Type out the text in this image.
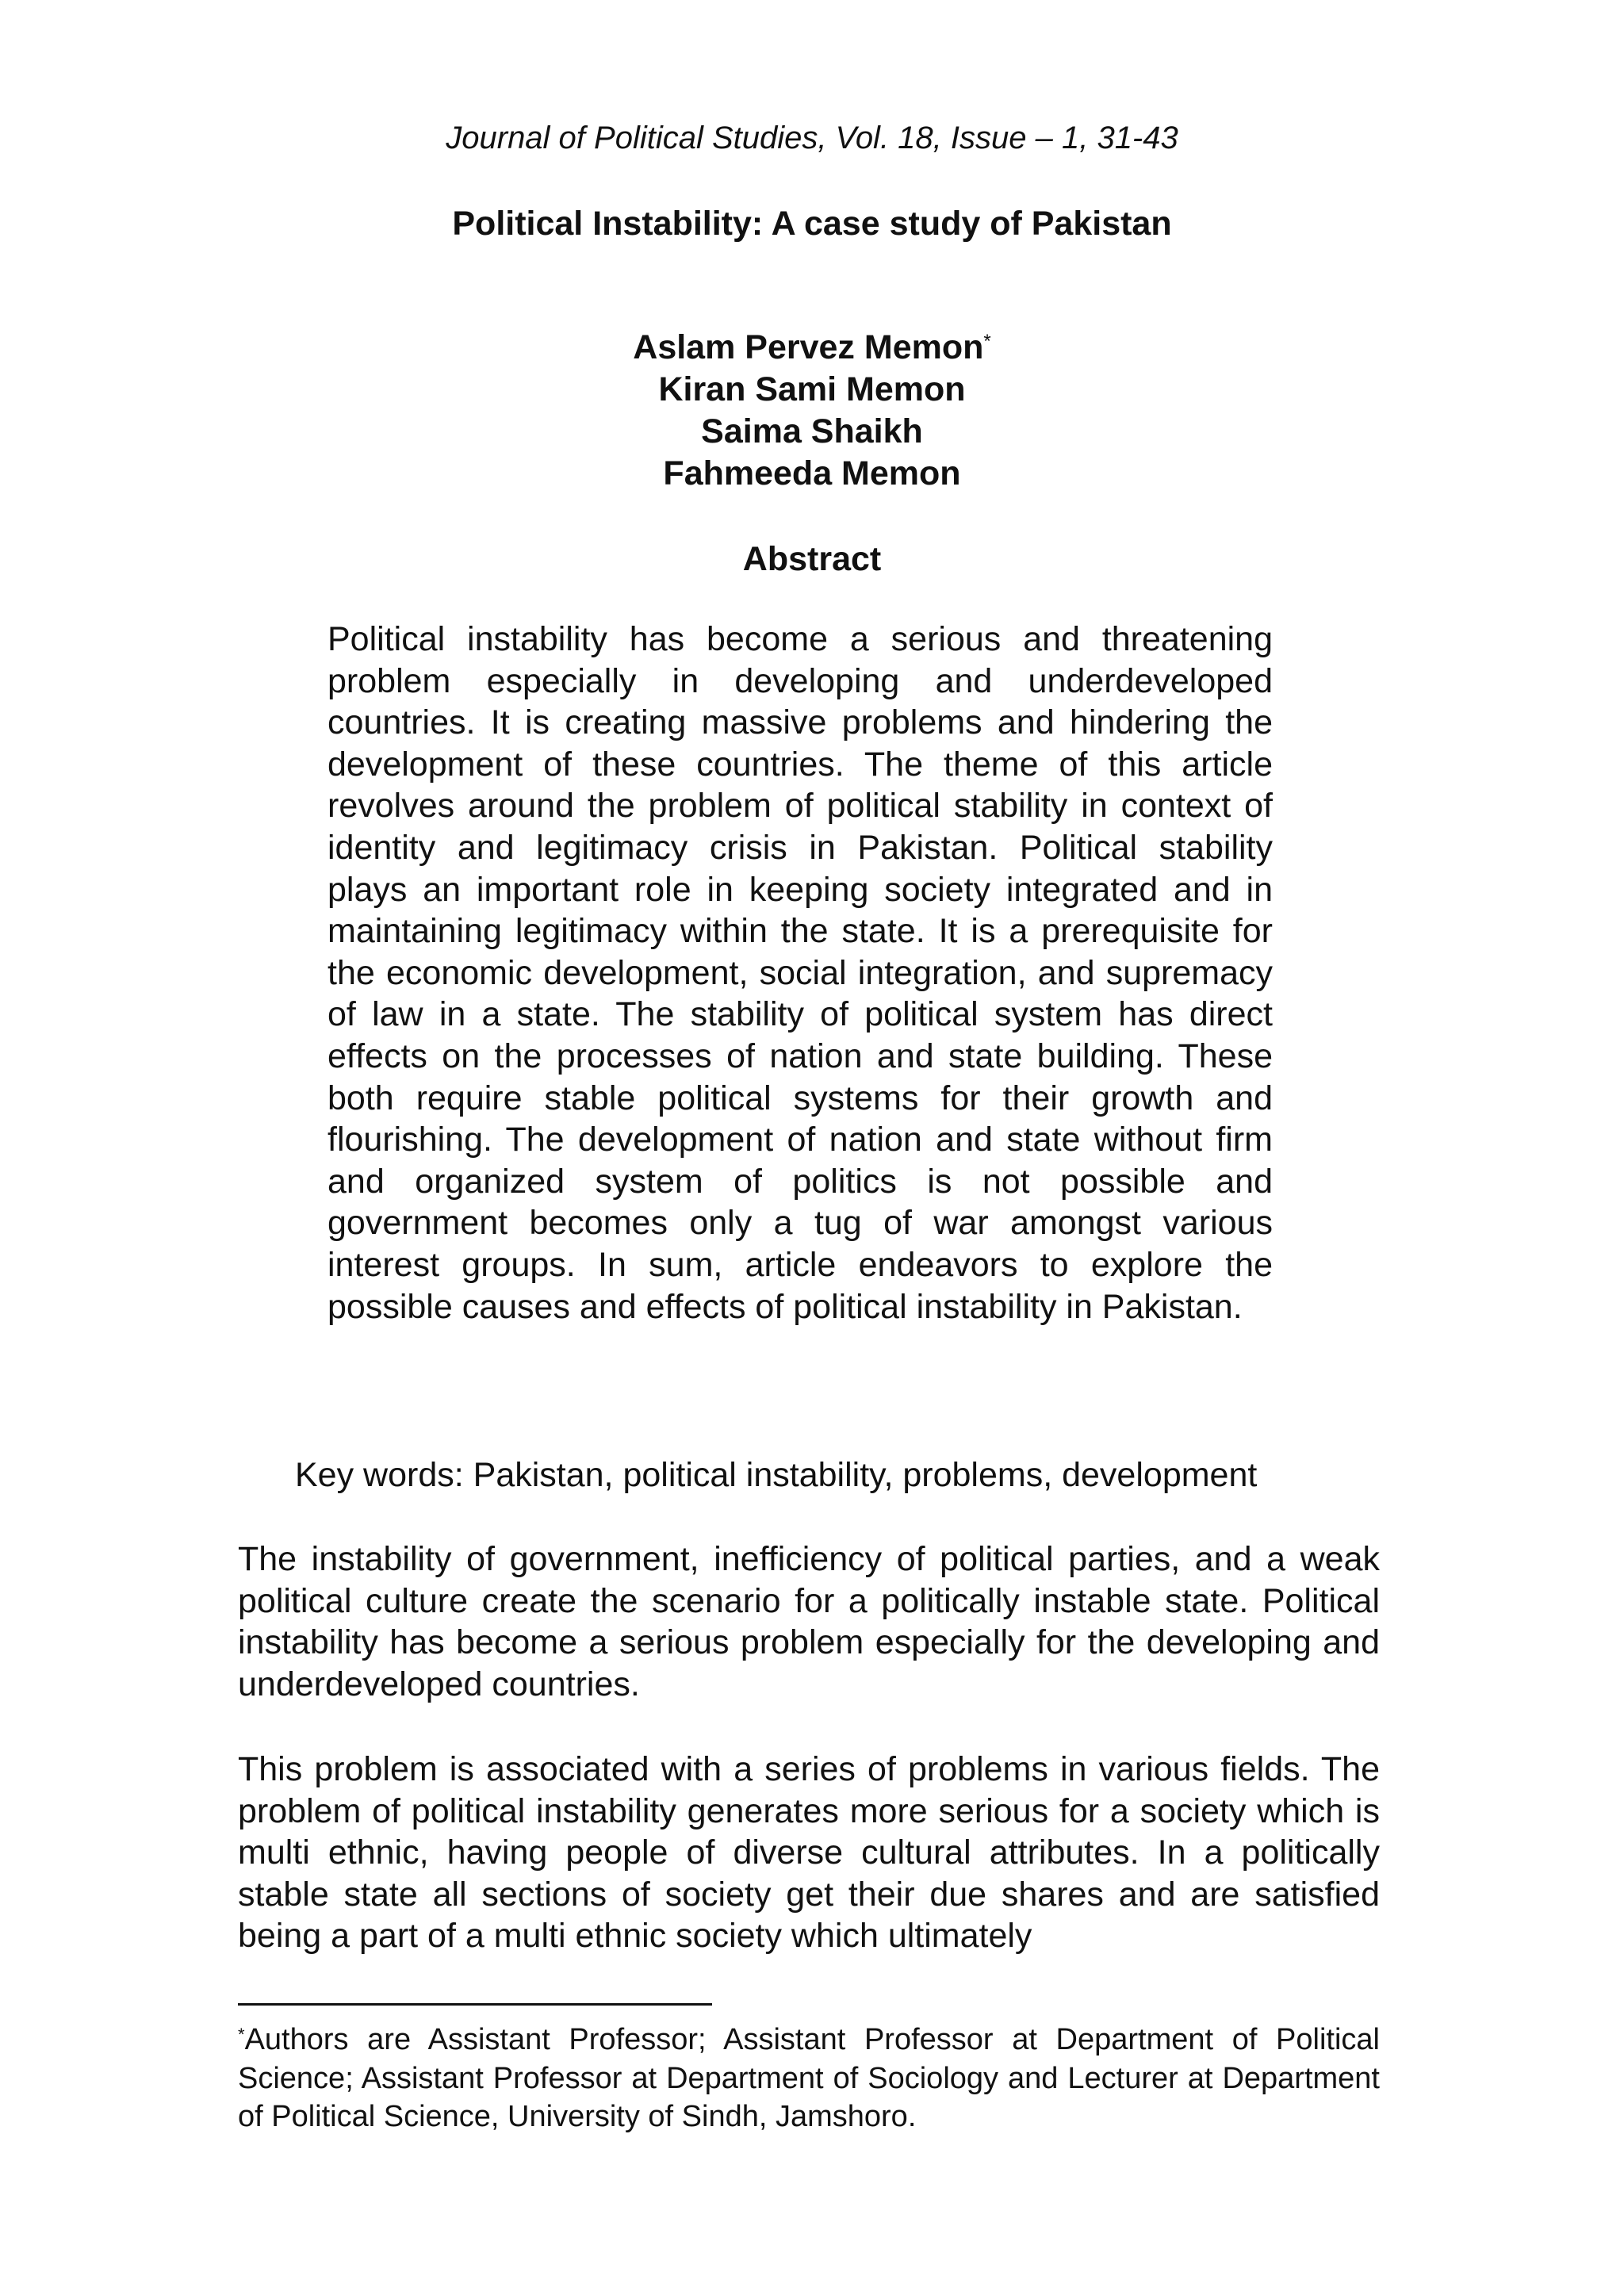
Journal of Political Studies, Vol. 18, Issue – 1, 31-43
Political Instability: A case study of Pakistan
Aslam Pervez Memon*
Kiran Sami Memon
Saima Shaikh
Fahmeeda Memon
Abstract

Political instability has become a serious and threatening problem especially in developing and underdeveloped countries. It is creating massive problems and hindering the development of these countries. The theme of this article revolves around the problem of political stability in context of identity and legitimacy crisis in Pakistan. Political stability plays an important role in keeping society integrated and in maintaining legitimacy within the state. It is a prerequisite for the economic development, social integration, and supremacy of law in a state. The stability of political system has direct effects on the processes of nation and state building. These both require stable political systems for their growth and flourishing. The development of nation and state without firm and organized system of politics is not possible and government becomes only a tug of war amongst various interest groups. In sum, article endeavors to explore the possible causes and effects of political instability in Pakistan.

Key words: Pakistan, political instability, problems, development

The instability of government, inefficiency of political parties, and a weak political culture create the scenario for a politically instable state. Political instability has become a serious problem especially for the developing and underdeveloped countries.

This problem is associated with a series of problems in various fields. The problem of political instability generates more serious for a society which is multi ethnic, having people of diverse cultural attributes. In a politically stable state all sections of society get their due shares and are satisfied being a part of a multi ethnic society which ultimately

*Authors are Assistant Professor; Assistant Professor at Department of Political Science; Assistant Professor at Department of Sociology and Lecturer at Department of Political Science, University of Sindh, Jamshoro.
